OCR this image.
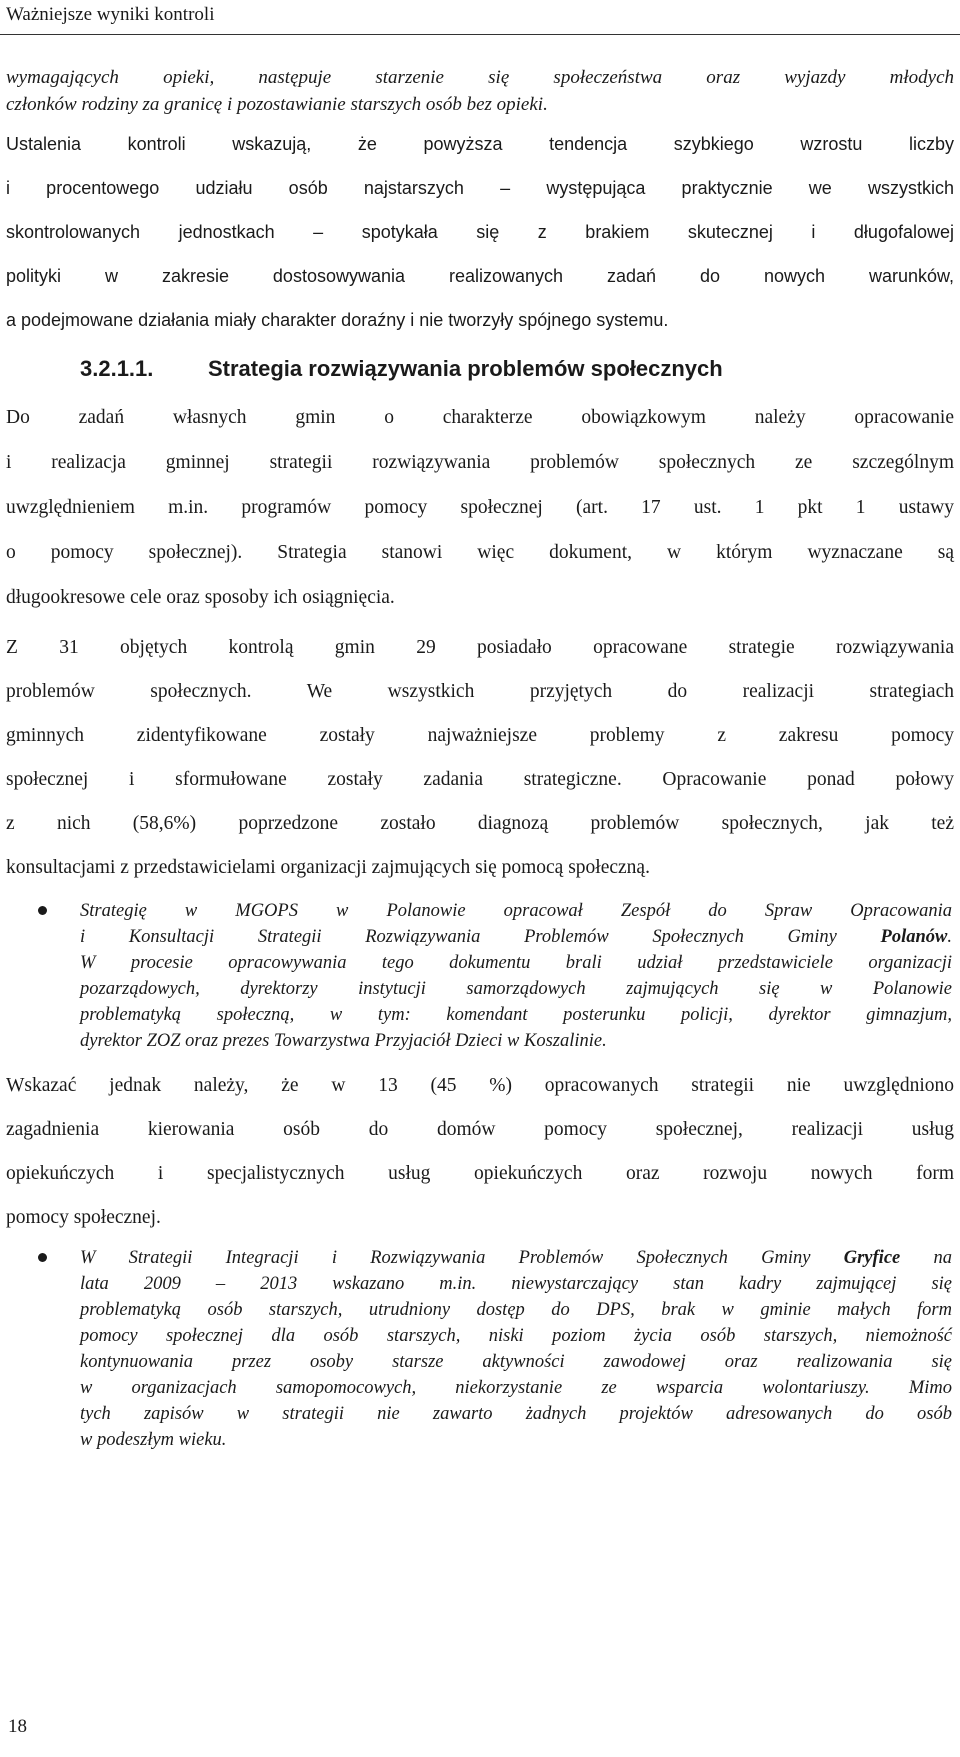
Ważniejsze wyniki kontroli

wymagających opieki, następuje starzenie się społeczeństwa oraz wyjazdy młodych

członków rodziny za granicę i pozostawianie starszych osób bez opieki.

Ustalenia kontroli wskazują, że powyższa tendencja szybkiego wzrostu liczby

i procentowego udziału osób najstarszych – występująca praktycznie we wszystkich

skontrolowanych jednostkach – spotykała się z brakiem skutecznej i długofalowej

polityki w zakresie dostosowywania realizowanych zadań do nowych warunków,

a podejmowane działania miały charakter doraźny i nie tworzyły spójnego systemu.

3.2.1.1. Strategia rozwiązywania problemów społecznych

Do zadań własnych gmin o charakterze obowiązkowym należy opracowanie

i realizacja gminnej strategii rozwiązywania problemów społecznych ze szczególnym

uwzględnieniem m.in. programów pomocy społecznej (art. 17 ust. 1 pkt 1 ustawy

o pomocy społecznej). Strategia stanowi więc dokument, w którym wyznaczane są

długookresowe cele oraz sposoby ich osiągnięcia.

Z 31 objętych kontrolą gmin 29 posiadało opracowane strategie rozwiązywania

problemów społecznych. We wszystkich przyjętych do realizacji strategiach

gminnych zidentyfikowane zostały najważniejsze problemy z zakresu pomocy

społecznej i sformułowane zostały zadania strategiczne. Opracowanie ponad połowy

z nich (58,6%) poprzedzone zostało diagnozą problemów społecznych, jak też

konsultacjami z przedstawicielami organizacji zajmujących się pomocą społeczną.

Strategię w MGOPS w Polanowie opracował Zespół do Spraw Opracowania

i Konsultacji Strategii Rozwiązywania Problemów Społecznych Gminy Polanów.

W procesie opracowywania tego dokumentu brali udział przedstawiciele organizacji

pozarządowych, dyrektorzy instytucji samorządowych zajmujących się w Polanowie

problematyką społeczną, w tym: komendant posterunku policji, dyrektor gimnazjum,

dyrektor ZOZ oraz prezes Towarzystwa Przyjaciół Dzieci w Koszalinie.

Wskazać jednak należy, że w 13 (45 %) opracowanych strategii nie uwzględniono

zagadnienia kierowania osób do domów pomocy społecznej, realizacji usług

opiekuńczych i specjalistycznych usług opiekuńczych oraz rozwoju nowych form

pomocy społecznej.

W Strategii Integracji i Rozwiązywania Problemów Społecznych Gminy Gryfice na

lata 2009 – 2013 wskazano m.in. niewystarczający stan kadry zajmującej się

problematyką osób starszych, utrudniony dostęp do DPS, brak w gminie małych form

pomocy społecznej dla osób starszych, niski poziom życia osób starszych, niemożność

kontynuowania przez osoby starsze aktywności zawodowej oraz realizowania się

w organizacjach samopomocowych, niekorzystanie ze wsparcia wolontariuszy. Mimo

tych zapisów w strategii nie zawarto żadnych projektów adresowanych do osób

w podeszłym wieku.

18
